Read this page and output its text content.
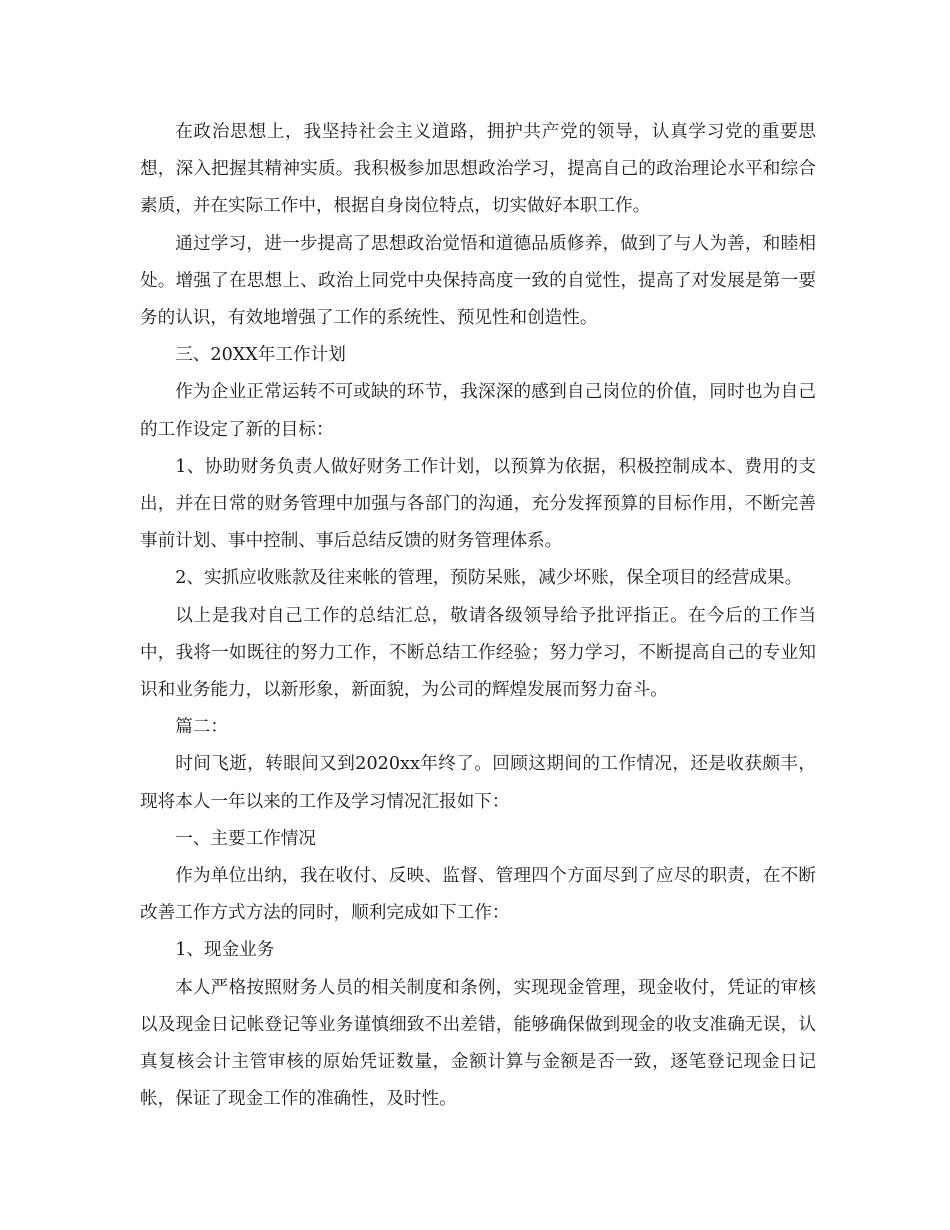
在政治思想上，我坚持社会主义道路，拥护共产党的领导，认真学习党的重要思想，深入把握其精神实质。我积极参加思想政治学习，提高自己的政治理论水平和综合素质，并在实际工作中，根据自身岗位特点，切实做好本职工作。

通过学习，进一步提高了思想政治觉悟和道德品质修养，做到了与人为善，和睦相处。增强了在思想上、政治上同党中央保持高度一致的自觉性，提高了对发展是第一要务的认识，有效地增强了工作的系统性、预见性和创造性。

三、20XX年工作计划

作为企业正常运转不可或缺的环节，我深深的感到自己岗位的价值，同时也为自己的工作设定了新的目标：

1、协助财务负责人做好财务工作计划，以预算为依据，积极控制成本、费用的支出，并在日常的财务管理中加强与各部门的沟通，充分发挥预算的目标作用，不断完善事前计划、事中控制、事后总结反馈的财务管理体系。

2、实抓应收账款及往来帐的管理，预防呆账，减少坏账，保全项目的经营成果。

以上是我对自己工作的总结汇总，敬请各级领导给予批评指正。在今后的工作当中，我将一如既往的努力工作，不断总结工作经验；努力学习，不断提高自己的专业知识和业务能力，以新形象，新面貌，为公司的辉煌发展而努力奋斗。

篇二：

时间飞逝，转眼间又到2020xx年终了。回顾这期间的工作情况，还是收获颇丰，现将本人一年以来的工作及学习情况汇报如下：

一、主要工作情况

作为单位出纳，我在收付、反映、监督、管理四个方面尽到了应尽的职责，在不断改善工作方式方法的同时，顺利完成如下工作：

1、现金业务

本人严格按照财务人员的相关制度和条例，实现现金管理，现金收付，凭证的审核以及现金日记帐登记等业务谨慎细致不出差错，能够确保做到现金的收支准确无误，认真复核会计主管审核的原始凭证数量，金额计算与金额是否一致，逐笔登记现金日记帐，保证了现金工作的准确性，及时性。
